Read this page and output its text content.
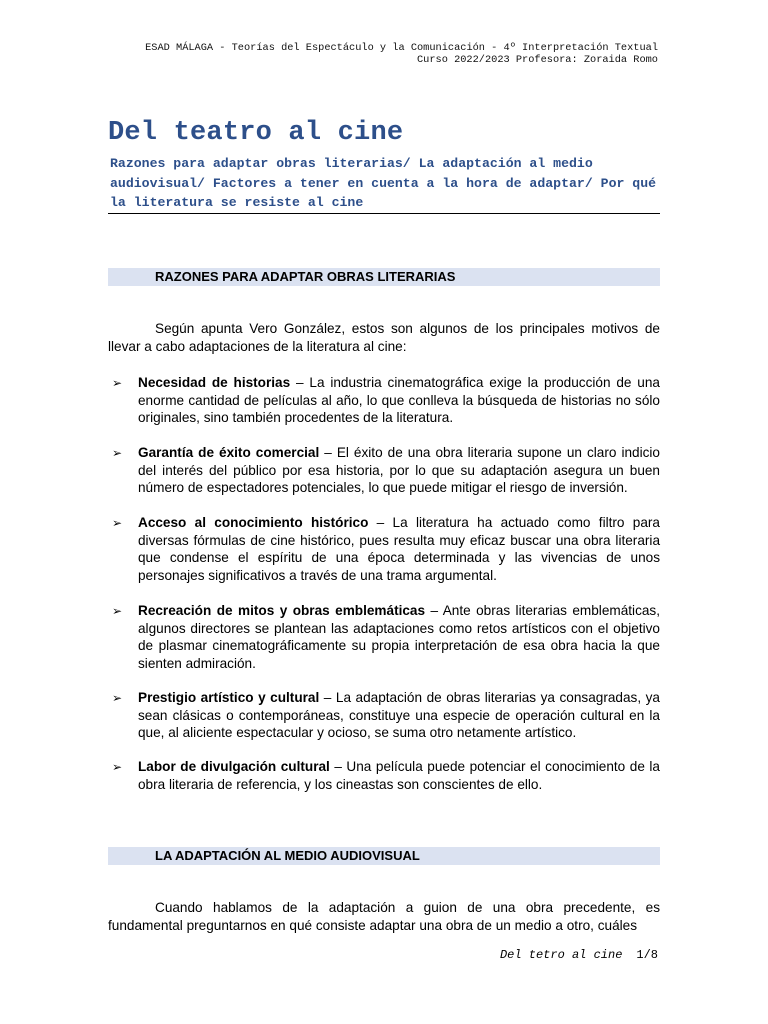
ESAD MÁLAGA - Teorías del Espectáculo y la Comunicación - 4º Interpretación Textual
Curso 2022/2023 Profesora: Zoraida Romo
Del teatro al cine
Razones para adaptar obras literarias/ La adaptación al medio audiovisual/ Factores a tener en cuenta a la hora de adaptar/ Por qué la literatura se resiste al cine
RAZONES PARA ADAPTAR OBRAS LITERARIAS
Según apunta Vero González, estos son algunos de los principales motivos de llevar a cabo adaptaciones de la literatura al cine:
➢ Necesidad de historias – La industria cinematográfica exige la producción de una enorme cantidad de películas al año, lo que conlleva la búsqueda de historias no sólo originales, sino también procedentes de la literatura.
➢ Garantía de éxito comercial – El éxito de una obra literaria supone un claro indicio del interés del público por esa historia, por lo que su adaptación asegura un buen número de espectadores potenciales, lo que puede mitigar el riesgo de inversión.
➢ Acceso al conocimiento histórico – La literatura ha actuado como filtro para diversas fórmulas de cine histórico, pues resulta muy eficaz buscar una obra literaria que condense el espíritu de una época determinada y las vivencias de unos personajes significativos a través de una trama argumental.
➢ Recreación de mitos y obras emblemáticas – Ante obras literarias emblemáticas, algunos directores se plantean las adaptaciones como retos artísticos con el objetivo de plasmar cinematográficamente su propia interpretación de esa obra hacia la que sienten admiración.
➢ Prestigio artístico y cultural – La adaptación de obras literarias ya consagradas, ya sean clásicas o contemporáneas, constituye una especie de operación cultural en la que, al aliciente espectacular y ocioso, se suma otro netamente artístico.
➢ Labor de divulgación cultural – Una película puede potenciar el conocimiento de la obra literaria de referencia, y los cineastas son conscientes de ello.
LA ADAPTACIÓN AL MEDIO AUDIOVISUAL
Cuando hablamos de la adaptación a guion de una obra precedente, es fundamental preguntarnos en qué consiste adaptar una obra de un medio a otro, cuáles
Del tetro al cine 1/8
